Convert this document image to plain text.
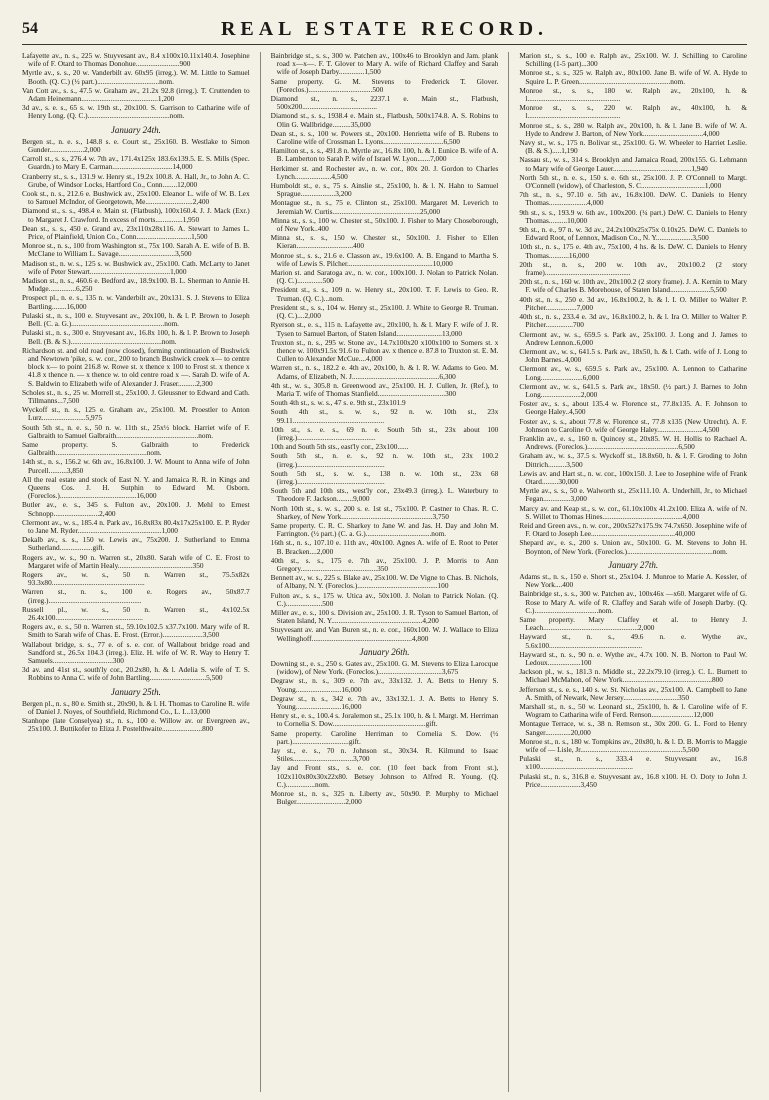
54	REAL ESTATE RECORD.
Lafayette av., n. s., 225 w. Stuyvesant av., 8.4 x100x10.11x140.4. Josephine wife of F. Otard to Thomas Donohue........................900
Myrtle av., s. s., 20 w. Vanderbilt av. 60x95 (irreg.). W. M. Little to Samuel Booth. (Q. C.) (½ part.)..................................nom.
Van Cott av., s. s., 47.5 w. Graham av., 21.2x 92.8 (irreg.). T. Cruttenden to Adam Heinemann..........................................1,200
3d av., s. e. s., 65 s. w. 19th st., 20x100. S. Garrison to Catharine wife of Henry Long. (Q. C.).............................................nom.
January 24th.
Bergen st., n. e. s., 148.8 s. e. Court st., 25x160. B. Westlake to Simon Gunder...................2,000
Carroll st., s. s., 276.4 w. 7th av., 171.4x125x 183.6x139.5. E. S. Mills (Spec. Guardn.) to Mary E. Carman.................................14,000
Cranberry st., s. s., 131.9 w. Henry st., 19.2x 100.8. A. Hall, Jr., to John A. C. Grube, of Windsor Locks, Hartford Co., Conn........12,000
Cook st., n. s., 212.6 e. Bushwick av., 25x100. Eleanor L. wife of W. B. Lex to Samuel McIndor, of Georgetown, Me..........................2,400
Diamond st., s. s., 498.4 e. Main st. (Flatbush), 100x160.4. J. J. Mack (Exr.) to Margaret J. Crawford. In excess of morts...............1,950
Dean st., s. s., 450 e. Grand av., 23x110x28x116. A. Stewart to James L. Price, of Plainfield, Union Co., Conn..............................1,500
Monroe st., n. s., 100 from Washington st., 75x 100. Sarah A. E. wife of B. B. McClane to William L. Savage...............................3,500
Madison st., n. w. s., 125 s. w. Bushwick av., 25x100. Cath. McLarty to Janet wife of Peter Stewart............................................1,000
Madison st., n. s., 460.6 e. Bedford av., 18.9x100. B. L. Sherman to Annie H. Mudge...............6,250
Prospect pl., n. e. s., 135 n. w. Vanderbilt av., 20x131. S. J. Stevens to Eliza Bartling........16,000
Pulaski st., n. s., 100 e. Stuyvesant av., 20x100, h. & l. P. Brown to Joseph Bell. (C. a. G.)...................................................nom.
Pulaski st., n. s., 300 e. Stuyvesant av., 16.8x 100, h. & l. P. Brown to Joseph Bell. (B. & S.)..................................................nom.
Richardson st. and old road (now closed), forming continuation of Bushwick and Newtown 'pike, s. w. cor., 200 to branch Bushwick creek x— to centre block x— to point 216.8 w. Rowe st. x thence x 100 to Frost st. x thence x 41.8 x thence n. — x thence w. to old centre road x —. Sarah D. wife of A. S. Baldwin to Elizabeth wife of Alexander J. Fraser..........2,300
Scholes st., n. s., 25 w. Morrell st., 25x100. J. Gleussner to Edward and Cath. Tillmanns...7,500
Wyckoff st., n. s., 125 e. Graham av., 25x100. M. Proestler to Anton Lurz........................5,975
South 5th st., n. e. s., 50 n. w. 11th st., 25x½ block. Harriet wife of F. Galbraith to Samuel Galbraith.............................................nom.
Same property. S. Galbraith to Frederick Galbraith..................................................nom.
14th st., n. s., 156.2 w. 6th av., 16.8x100. J. W. Mount to Anna wife of John Purcell..........3,850
All the real estate and stock of East N. Y. and Jamaica R. R. in Kings and Queens Cos. J. H. Sutphin to Edward M. Osborn. (Foreclos.)..........................................16,000
Butler av., e. s., 345 s. Fulton av., 20x100. J. Mehl to Ernest Schnopp.........................2,400
Clermont av., w. s., 185.4 n. Park av., 16.8x83x 80.4x17x25x100. E. P. Ryder to Jane M. Ryder..............................................1,000
Dekalb av., s. s., 150 w. Lewis av., 75x200. J. Sutherland to Emma Sutherland..................gift.
Rogers av., w. s., 90 n. Warren st., 20x80. Sarah wife of C. E. Frost to Margaret wife of Martin Healy.........................................350
Rogers av., w. s., 50 n. Warren st., 75.5x82x 93.3x80...................................................
Warren st., n. s., 100 e. Rogers av., 50x87.7 (irreg.)...................................................
Russell pl., w. s., 50 n. Warren st., 4x102.5x 26.4x100................................................
Rogers av., e. s., 50 n. Warren st., 59.10x102.5 x37.7x100. Mary wife of R. Smith to Sarah wife of Chas. E. Frost. (Error.)......................3,500
Wallabout bridge, s. s., 77 e. of s. e. cor. of Wallabout bridge road and Sandford st., 26.5x 104.3 (irreg.). Eliz. H. wife of W. R. Way to Henry T. Samuels.................................300
3d av. and 41st st., south'ly cor., 20.2x80, h. & l. Adelia S. wife of T. S. Robbins to Anna C. wife of John Bartling...............................5,500
January 25th.
Bergen pl., n. s., 80 e. Smith st., 20x90, h. & l. H. Thomas to Caroline R. wife of Daniel J. Noyes, of Southfield, Richmond Co., L. I...13,000
Stanhope (late Conselyea) st., n. s., 100 e. Willow av. or Evergreen av., 25x100. J. Buttikofer to Eliza J. Postelthwaite......................800
Bainbridge st., s. s., 300 w. Patchen av., 100x46 to Brooklyn and Jam. plank road x—x—. F. T. Glover to Mary A. wife of Richard Claffey and Sarah wife of Joseph Darby..............1,500
Same property. G. M. Stevens to Frederick T. Glover. (Foreclos.)...................................500
Diamond st., n. s., 2237.1 e. Main st., Flatbush, 500x200.........................................
Diamond st., s. s., 1938.4 e. Main st., Flatbush, 500x174.8. A. S. Robins to Olin G. Wallbridge..........35,000
Dean st., s. s., 100 w. Powers st., 20x100. Henrietta wife of B. Rubens to Caroline wife of Crossman L. Lyons.................................6,500
Hamilton st., s. s., 491.8 n. Myrtle av., 16.8x 100, h. & l. Eunice B. wife of A. B. Lamberton to Sarah P. wife of Israel W. Lyon.......7,000
Herkimer st. and Rochester av., n. w. cor., 80x 20. J. Gordon to Charles Lynch....................4,500
Humboldt st., e. s., 75 s. Ainslie st., 25x100, h. & l. N. Hahn to Samuel Sprague...................3,200
Montague st., n. s., 75 e. Clinton st., 25x100. Margaret M. Leverich to Jeremiah W. Curtis................................................25,000
Minna st., s. s., 100 w. Chester st., 50x100. J. Fisher to Mary Choseborough, of New York..400
Minna st., s. s., 150 w. Chester st., 50x100. J. Fisher to Ellen Kieran...............................400
Monroe st., s. s., 21.6 e. Classon av., 19.6x100. A. B. Engand to Martha S. wife of Lewis S. Pilcher...............................................10,000
Marion st. and Saratoga av., n. w. cor., 100x100. J. Nolan to Patrick Nolan. (Q. C.)..............500
President st., s. s., 109 n. w. Henry st., 20x100. T. F. Lewis to Geo. R. Truman. (Q. C.)...nom.
President st., s. s., 104 w. Henry st., 25x100. J. White to George R. Truman. (Q. C.)....2,000
Ryerson st., e. s., 115 n. Lafayette av., 20x100, h. & l. Mary F. wife of J. R. Tysen to Samuel Barton, of Staten Island.........................13,000
Truxton st., n. s., 295 w. Stone av., 14.7x100x20 x100x100 to Somers st. x thence w. 100x91.5x 91.6 to Fulton av. x thence e. 87.8 to Truxton st. E. M. Cullen to Alexander McCue....4,000
Warren st., n. s., 182.2 e. 4th av., 20x100, h. & l. R. W. Adams to Geo. M. Adams, of Elizabeth, N. J................................................6,300
4th st., w. s., 305.8 n. Greenwood av., 25x100. H. J. Cullen, Jr. (Ref.), to Maria T. wife of Thomas Stanfield.....................................300
South 4th st., s. w. s., 47 s. e. 9th st., 23x101.9
South 4th st., s. w. s., 92 n. w. 10th st., 23x 99.11..................................................
10th st., s. e. s., 69 n. e. South 5th st., 23x about 100 (irreg.)...........................................
10th and South 5th sts., east'ly cor., 23x100......
South 5th st., n. e. s., 92 n. w. 10th st., 23x 100.2 (irreg.)................................................
South 5th st., s. w. s., 138 n. w. 10th st., 23x 68 (irreg.)................................................
South 5th and 10th sts., west'ly cor., 23x49.3 (irreg.). L. Waterbury to Theodore F. Jackson.........9,000
North 10th st., s. w. s., 200 s. e. 1st st., 75x100. P. Castner to Chas. R. C. Sharkey, of New York..................................................3,750
Same property. C. R. C. Sharkey to Jane W. and Jas. H. Day and John M. Farrington. (½ part.) (C. a. G.)....................................nom.
16th st., n. s., 107.10 e. 11th av., 40x100. Agnes A. wife of E. Root to Peter B. Bracken....2,000
40th st., s. s., 175 e. 7th av., 25x100. J. P. Morris to Ann Gregory..........................................350
Bennett av., w. s., 225 s. Blake av., 25x100. W. De Vigne to Chas. B. Nichols, of Albany, N. Y. (Foreclos.)............................................100
Fulton av., s. s., 175 w. Utica av., 50x100. J. Nolan to Patrick Nolan. (Q. C.)....................500
Miller av., e. s., 100 s. Division av., 25x100. J. R. Tyson to Samuel Barton, of Staten Island, N. Y..................................................4,200
Stuyvesant av. and Van Buren st., n. e. cor., 160x100. W. J. Wallace to Eliza Wellinghoff.......................................................4,800
January 26th.
Downing st., e. s., 250 s. Gates av., 25x100. G. M. Stevens to Eliza Larocque (widow), of New York. (Foreclos.)...................................3,675
Degraw st., n. s., 309 e. 7th av., 33x132. J. A. Betts to Henry S. Young.........................16,000
Degraw st., n. s., 342 e. 7th av., 33x132.1. J. A. Betts to Henry S. Young.........................16,000
Henry st., e. s., 100.4 s. Joralemon st., 25.1x 100, h. & l. Margt. M. Herriman to Cornelia S. Dow...................................................gift.
Same property. Caroline Herriman to Cornelia S. Dow. (½ part.)...............................gift.
Jay st., e. s., 70 n. Johnson st., 30x34. R. Kilmund to Isaac Stiles.................................3,700
Jay and Front sts., s. e. cor. (10 feet back from Front st.), 102x110x80x30x22x80. Betsey Johnson to Alfred R. Young. (Q. C.)................nom.
Monroe st., n. s., 325 n. Liberty av., 50x90. P. Murphy to Michael Bulger...........................2,000
Marion st., s. s., 100 e. Ralph av., 25x100. W. J. Schilling to Caroline Schilling (1-5 part)...300
Monroe st., s. s., 325 w. Ralph av., 80x100. Jane B. wife of W. A. Hyde to Squire L. P. Green..................................................nom.
Monroe st., s. s., 180 w. Ralph av., 20x100, h. & l...................................................
Monroe st., s. s., 220 w. Ralph av., 40x100, h. & l...................................................
Monroe st., s. s., 280 w. Ralph av., 20x100, h. & l. Jane B. wife of W. A. Hyde to Andrew J. Barton, of New York.................................4,000
Navy st., w. s., 175 n. Bolivar st., 25x100. G. W. Wheeler to Harriet Leslie. (B. & S.).....1,190
Nassau st., w. s., 314 s. Brooklyn and Jamaica Road, 200x155. G. Lehmann to Mary wife of George Lauer...........................................1,940
North 5th st., n. e. s., 150 s. e. 6th st., 25x100. J. P. O'Connell to Margt. O'Connell (widow), of Charleston, S. C...................................1,000
7th st., n. s., 97.10 e. 5th av., 16.8x100. DeW. C. Daniels to Henry Thomas.....................4,000
9th st., s. s., 193.9 w. 6th av., 100x200. (¼ part.) DeW. C. Daniels to Henry Thomas..........10,000
9th st., n. e., 97 n. w. 3d av., 24.2x100x25x75x 0.10x25. DeW. C. Daniels to Edward Root, of Lennox, Madison Co., N. Y....................3,500
10th st., n. s., 175 e. 4th av., 75x100, 4 hs. & ls. DeW. C. Daniels to Henry Thomas...........16,000
20th st., n. s., 200 w. 10th av., 20x100.2 (2 story frame)...............................................
20th st., n. s., 160 w. 10th av., 20x100.2 (2 story frame). J. A. Kernin to Mary F. wife of Charles B. Morehouse, of Staten Island......................5,500
40th st., n. s., 250 e. 3d av., 16.8x100.2, h. & l. I. O. Miller to Walter P. Pitcher.................7,000
40th st., n. s., 233.4 e. 3d av., 16.8x100.2, h. & l. Ira O. Miller to Walter P. Pitcher...............700
Clermont av., w. s., 659.5 s. Park av., 25x100. J. Long and J. James to Andrew Lennon..6,000
Clermont av., w. s., 641.5 s. Park av., 18x50, h. & l. Cath. wife of J. Long to John Barnes..4,000
Clermont av., w. s., 659.5 s. Park av., 25x100. A. Lennon to Catharine Long.......................6,000
Clermont av., w. s., 641.5 s. Park av., 18x50. (½ part.) J. Barnes to John Long......................2,000
Foster av., s. s., about 135.4 w. Florence st., 77.8x135. A. F. Johnson to George Haley..4,500
Foster av., s. s., about 77.8 w. Florence st., 77.8 x135 (New Utrecht). A. F. Johnson to Caroline O. wife of George Haley.........................4,500
Franklin av., e. s., 160 n. Quincey st., 20x85. W. H. Hollis to Rachael A. Andrews. (Foreclos.)..................................................6,500
Graham av., w. s., 37.5 s. Wyckoff st., 18.8x60, h. & l. F. Groding to John Dittrich..........3,500
Lewis av. and Hart st., n. w. cor., 100x150. J. Lee to Josephine wife of Frank Otard.........30,000
Myrtle av., s. s., 50 e. Walworth st., 25x111.10. A. Underhill, Jr., to Michael Fegan...............3,000
Marcy av. and Keap st., s. w. cor., 61.10x100x 41.2x100. Eliza A. wife of N. S. Willet to Thomas Hines............................................4,000
Reid and Green avs., n. w. cor., 200x527x175.9x 74.7x650. Josephine wife of F. Otard to Joseph Lee..............................................40,000
Shepard av., e. s., 200 s. Union av., 50x100. G. M. Stevens to John H. Boynton, of New York. (Foreclos.)...............................................nom.
January 27th.
Adams st., n. s., 150 e. Short st., 25x104. J. Munroe to Marie A. Kessler, of New York....400
Bainbridge st., s. s., 300 w. Patchen av., 100x46x —x60. Margaret wife of G. Rose to Mary A. wife of R. Claffey and Sarah wife of Joseph Darby. (Q. C.)...................................nom.
Same property. Mary Claffey et al. to Henry J. Leach....................................................2,000
Hayward st., n. s., 49.6 n. e. Wythe av., 5.6x100...................................................
Hayward st., n. s., 90 n. e. Wythe av., 4.7x 100. N. B. Norton to Paul W. Ledoux..................100
Jackson pl., w. s., 181.3 n. Middle st., 22.2x79.10 (irreg.). C. L. Burnett to Michael McMahon, of New York.................................................800
Jefferson st., s. e. s., 140 s. w. St. Nicholas av., 25x100. A. Campbell to Jane A. Smith, of Newark, New Jersey..............................350
Marshall st., n. s., 50 w. Leonard st., 25x100, h. & l. Caroline wife of F. Wogram to Catharina wife of Ferd. Renson.......................12,000
Montague Terrace, w. s., 38 n. Remson st., 30x 200. G. L. Ford to Henry Sanger..............20,000
Monroe st., n. s., 180 w. Tompkins av., 20x80, h. & l. D. B. Morris to Maggie wife of — Lisle, Jr........................................................5,500
Pulaski st., n. s., 333.4 e. Stuyvesant av., 16.8 x100...................................................
Pulaski st., n. s., 316.8 e. Stuyvesant av., 16.8 x100. H. O. Doty to John J. Price......................3,450
